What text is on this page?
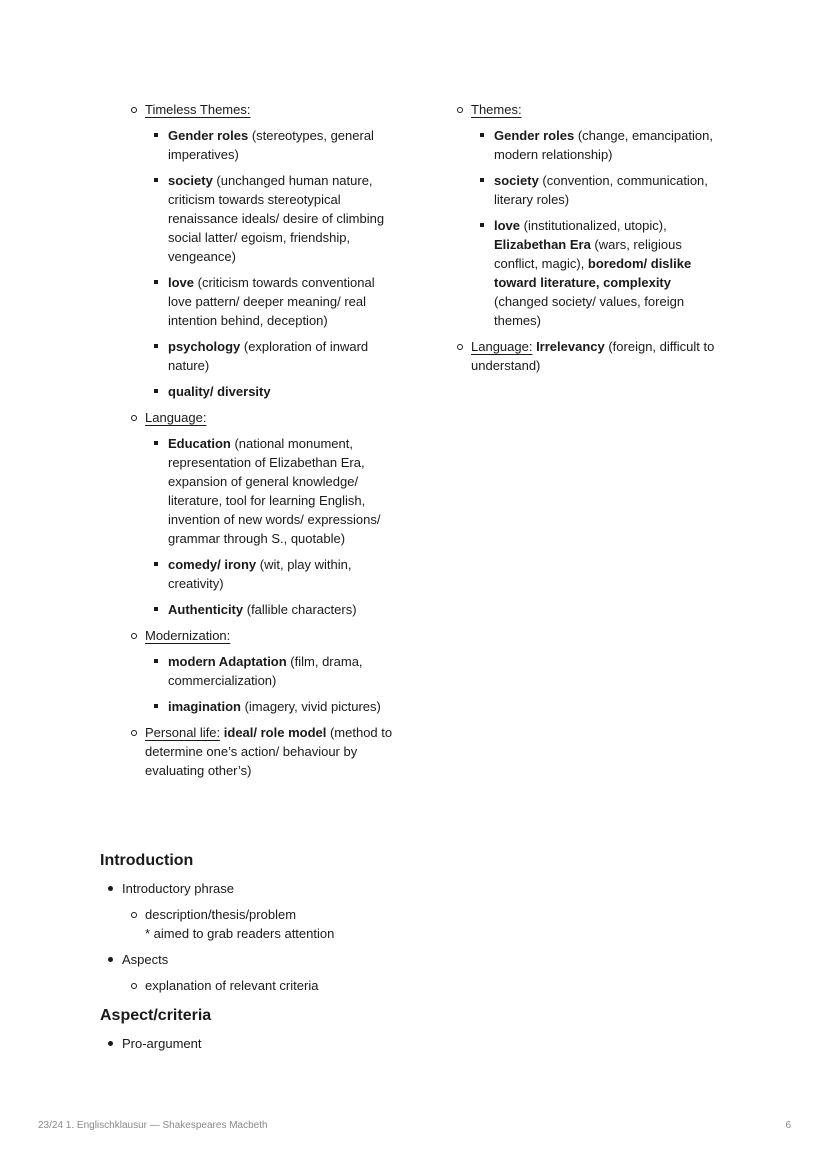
Timeless Themes:
Gender roles (stereotypes, general imperatives)
society (unchanged human nature, criticism towards stereotypical renaissance ideals/ desire of climbing social latter/ egoism, friendship, vengeance)
love (criticism towards conventional love pattern/ deeper meaning/ real intention behind, deception)
psychology (exploration of inward nature)
quality/ diversity
Language:
Education (national monument, representation of Elizabethan Era, expansion of general knowledge/ literature, tool for learning English, invention of new words/ expressions/ grammar through S., quotable)
comedy/ irony (wit, play within, creativity)
Authenticity (fallible characters)
Modernization:
modern Adaptation (film, drama, commercialization)
imagination (imagery, vivid pictures)
Personal life: ideal/ role model (method to determine one’s action/ behaviour by evaluating other’s)
Themes:
Gender roles (change, emancipation, modern relationship)
society (convention, communication, literary roles)
love (institutionalized, utopic), Elizabethan Era (wars, religious conflict, magic), boredom/ dislike toward literature, complexity (changed society/ values, foreign themes)
Language: Irrelevancy (foreign, difficult to understand)
Introduction
Introductory phrase
description/thesis/problem
* aimed to grab readers attention
Aspects
explanation of relevant criteria
Aspect/criteria
Pro-argument
23/24 1. Englischklausur — Shakespeares Macbeth	6
